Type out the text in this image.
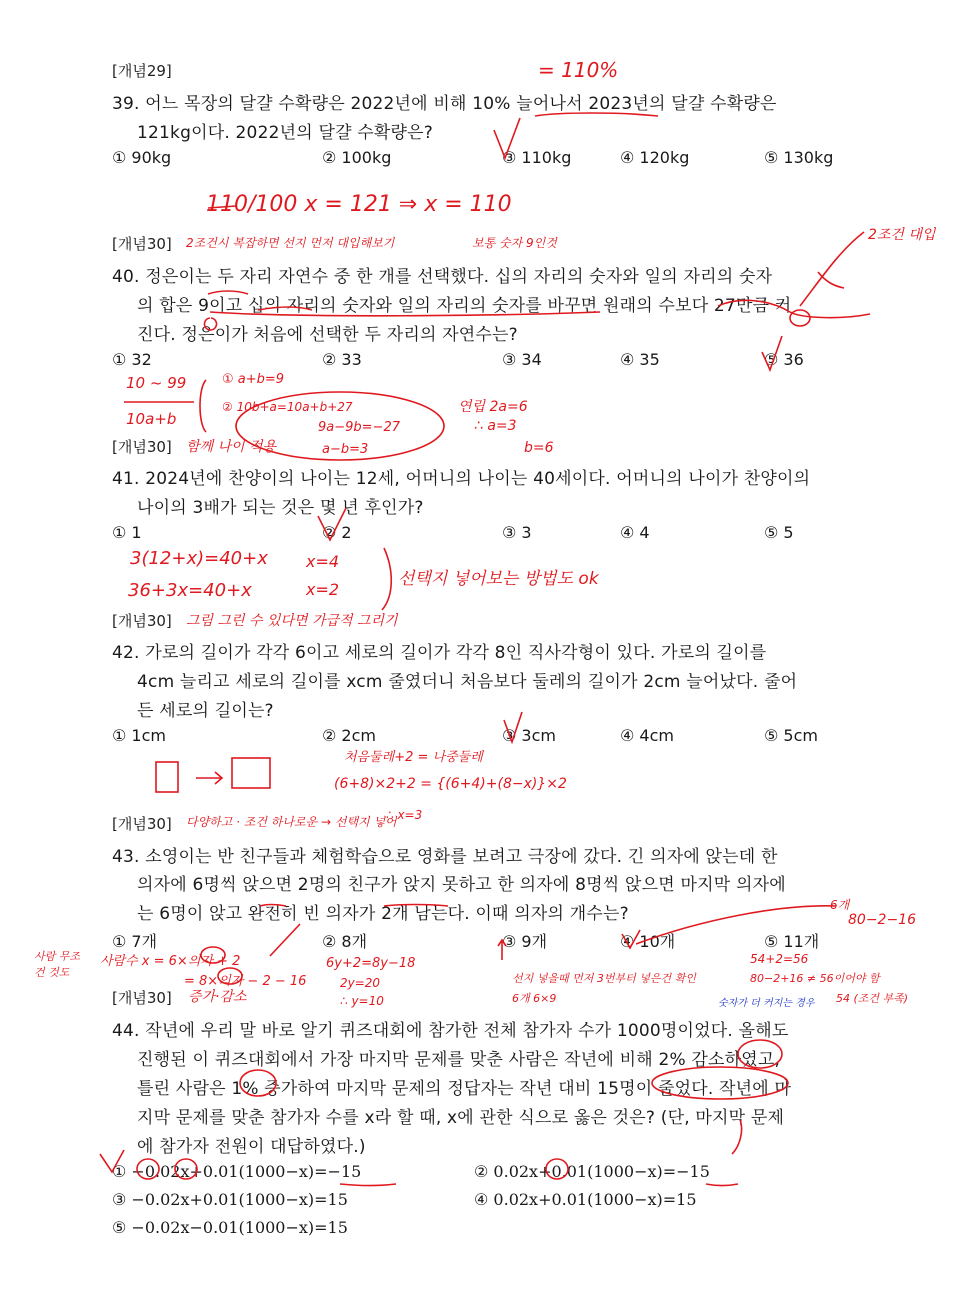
[개념29]
39. 어느 목장의 달걀 수확량은 2022년에 비해 10% 늘어나서 2023년의 달걀 수확량은
121kg이다. 2022년의 달걀 수확량은?
① 90kg	② 100kg	③ 110kg	④ 120kg	⑤ 130kg
[개념30]
40. 정은이는 두 자리 자연수 중 한 개를 선택했다. 십의 자리의 숫자와 일의 자리의 숫자
의 합은 9이고 십의 자리의 숫자와 일의 자리의 숫자를 바꾸면 원래의 수보다 27만큼 커
진다. 정은이가 처음에 선택한 두 자리의 자연수는?
① 32	② 33	③ 34	④ 35	⑤ 36
[개념30]
41. 2024년에 찬양이의 나이는 12세, 어머니의 나이는 40세이다. 어머니의 나이가 찬양이의
나이의 3배가 되는 것은 몇 년 후인가?
① 1	② 2	③ 3	④ 4	⑤ 5
[개념30]
42. 가로의 길이가 각각 6이고 세로의 길이가 각각 8인 직사각형이 있다. 가로의 길이를
4cm 늘리고 세로의 길이를 xcm 줄였더니 처음보다 둘레의 길이가 2cm 늘어났다. 줄어
든 세로의 길이는?
① 1cm	② 2cm	③ 3cm	④ 4cm	⑤ 5cm
[개념30]
43. 소영이는 반 친구들과 체험학습으로 영화를 보려고 극장에 갔다. 긴 의자에 앉는데 한
의자에 6명씩 앉으면 2명의 친구가 앉지 못하고 한 의자에 8명씩 앉으면 마지막 의자에
는 6명이 앉고 완전히 빈 의자가 2개 남는다. 이때 의자의 개수는?
① 7개	② 8개	③ 9개	④ 10개	⑤ 11개
[개념30]
44. 작년에 우리 말 바로 알기 퀴즈대회에 참가한 전체 참가자 수가 1000명이었다. 올해도
진행된 이 퀴즈대회에서 가장 마지막 문제를 맞춘 사람은 작년에 비해 2% 감소하였고,
틀린 사람은 1% 증가하여 마지막 문제의 정답자는 작년 대비 15명이 줄었다. 작년에 마
지막 문제를 맞춘 참가자 수를 x라 할 때, x에 관한 식으로 옳은 것은? (단, 마지막 문제
에 참가자 전원이 대답하였다.)
① −0.02x+0.01(1000−x)=−15	② 0.02x+0.01(1000−x)=−15
③ −0.02x+0.01(1000−x)=15	④ 0.02x+0.01(1000−x)=15
⑤ −0.02x−0.01(1000−x)=15
= 110%
110/100 x = 121 ⇒ x = 110
2조건시 복잡하면 선지 먼저 대입해보기	보통 숫자 9인것	2조건 대입
10 ~ 99
10a+b
① a+b=9
② 10b+a=10a+b+27
9a−9b=−27
a−b=3
연립 2a=6
∴ a=3
b=6
함께 나이 적용
3(12+x)=40+x
36+3x=40+x
x=4
x=2
선택지 넣어보는 방법도 ok
그림 그린 수 있다면 가급적 그리기
처음둘레+2 = 나중둘레
(6+8)×2+2 = {(6+4)+(8−x)}×2
∴ x=3
다양하고 · 조건 하나로운 → 선택지 넣어
사람 무조건 것도
사람수 x = 6×의자 + 2
= 8×의자 − 2 − 16
6y+2=8y−18
2y=20
∴ y=10
선지 넣을때 먼저 3번부터 넣은건 확인
6개 6×9
6개
80−2−16
54+2=56
80−2+16 ≠ 56이어야 함
54 (조건 부족)
숫자가 더 커지는 경우
증가·감소
